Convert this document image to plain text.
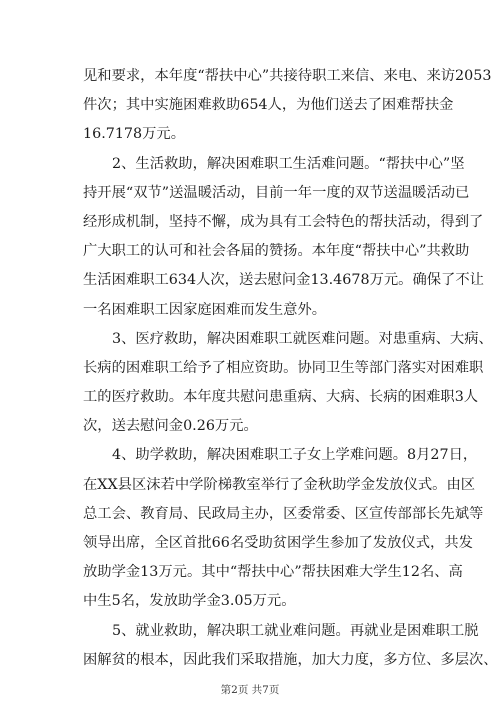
见和要求，本年度“帮扶中心”共接待职工来信、来电、来访2053
件次；其中实施困难救助654人，为他们送去了困难帮扶金
16.7178万元。
2、生活救助，解决困难职工生活难问题。“帮扶中心”坚
持开展“双节”送温暖活动，目前一年一度的双节送温暖活动已
经形成机制，坚持不懈，成为具有工会特色的帮扶活动，得到了
广大职工的认可和社会各届的赞扬。本年度“帮扶中心”共救助
生活困难职工634人次，送去慰问金13.4678万元。确保了不让
一名困难职工因家庭困难而发生意外。
3、医疗救助，解决困难职工就医难问题。对患重病、大病、
长病的困难职工给予了相应资助。协同卫生等部门落实对困难职
工的医疗救助。本年度共慰问患重病、大病、长病的困难职3人
次，送去慰问金0.26万元。
4、助学救助，解决困难职工子女上学难问题。8月27日，
在XX县区沫若中学阶梯教室举行了金秋助学金发放仪式。由区
总工会、教育局、民政局主办，区委常委、区宣传部部长先斌等
领导出席，全区首批66名受助贫困学生参加了发放仪式，共发
放助学金13万元。其中“帮扶中心”帮扶困难大学生12名、高
中生5名，发放助学金3.05万元。
5、就业救助，解决职工就业难问题。再就业是困难职工脱
困解贫的根本，因此我们采取措施，加大力度，多方位、多层次、
第2页 共7页
